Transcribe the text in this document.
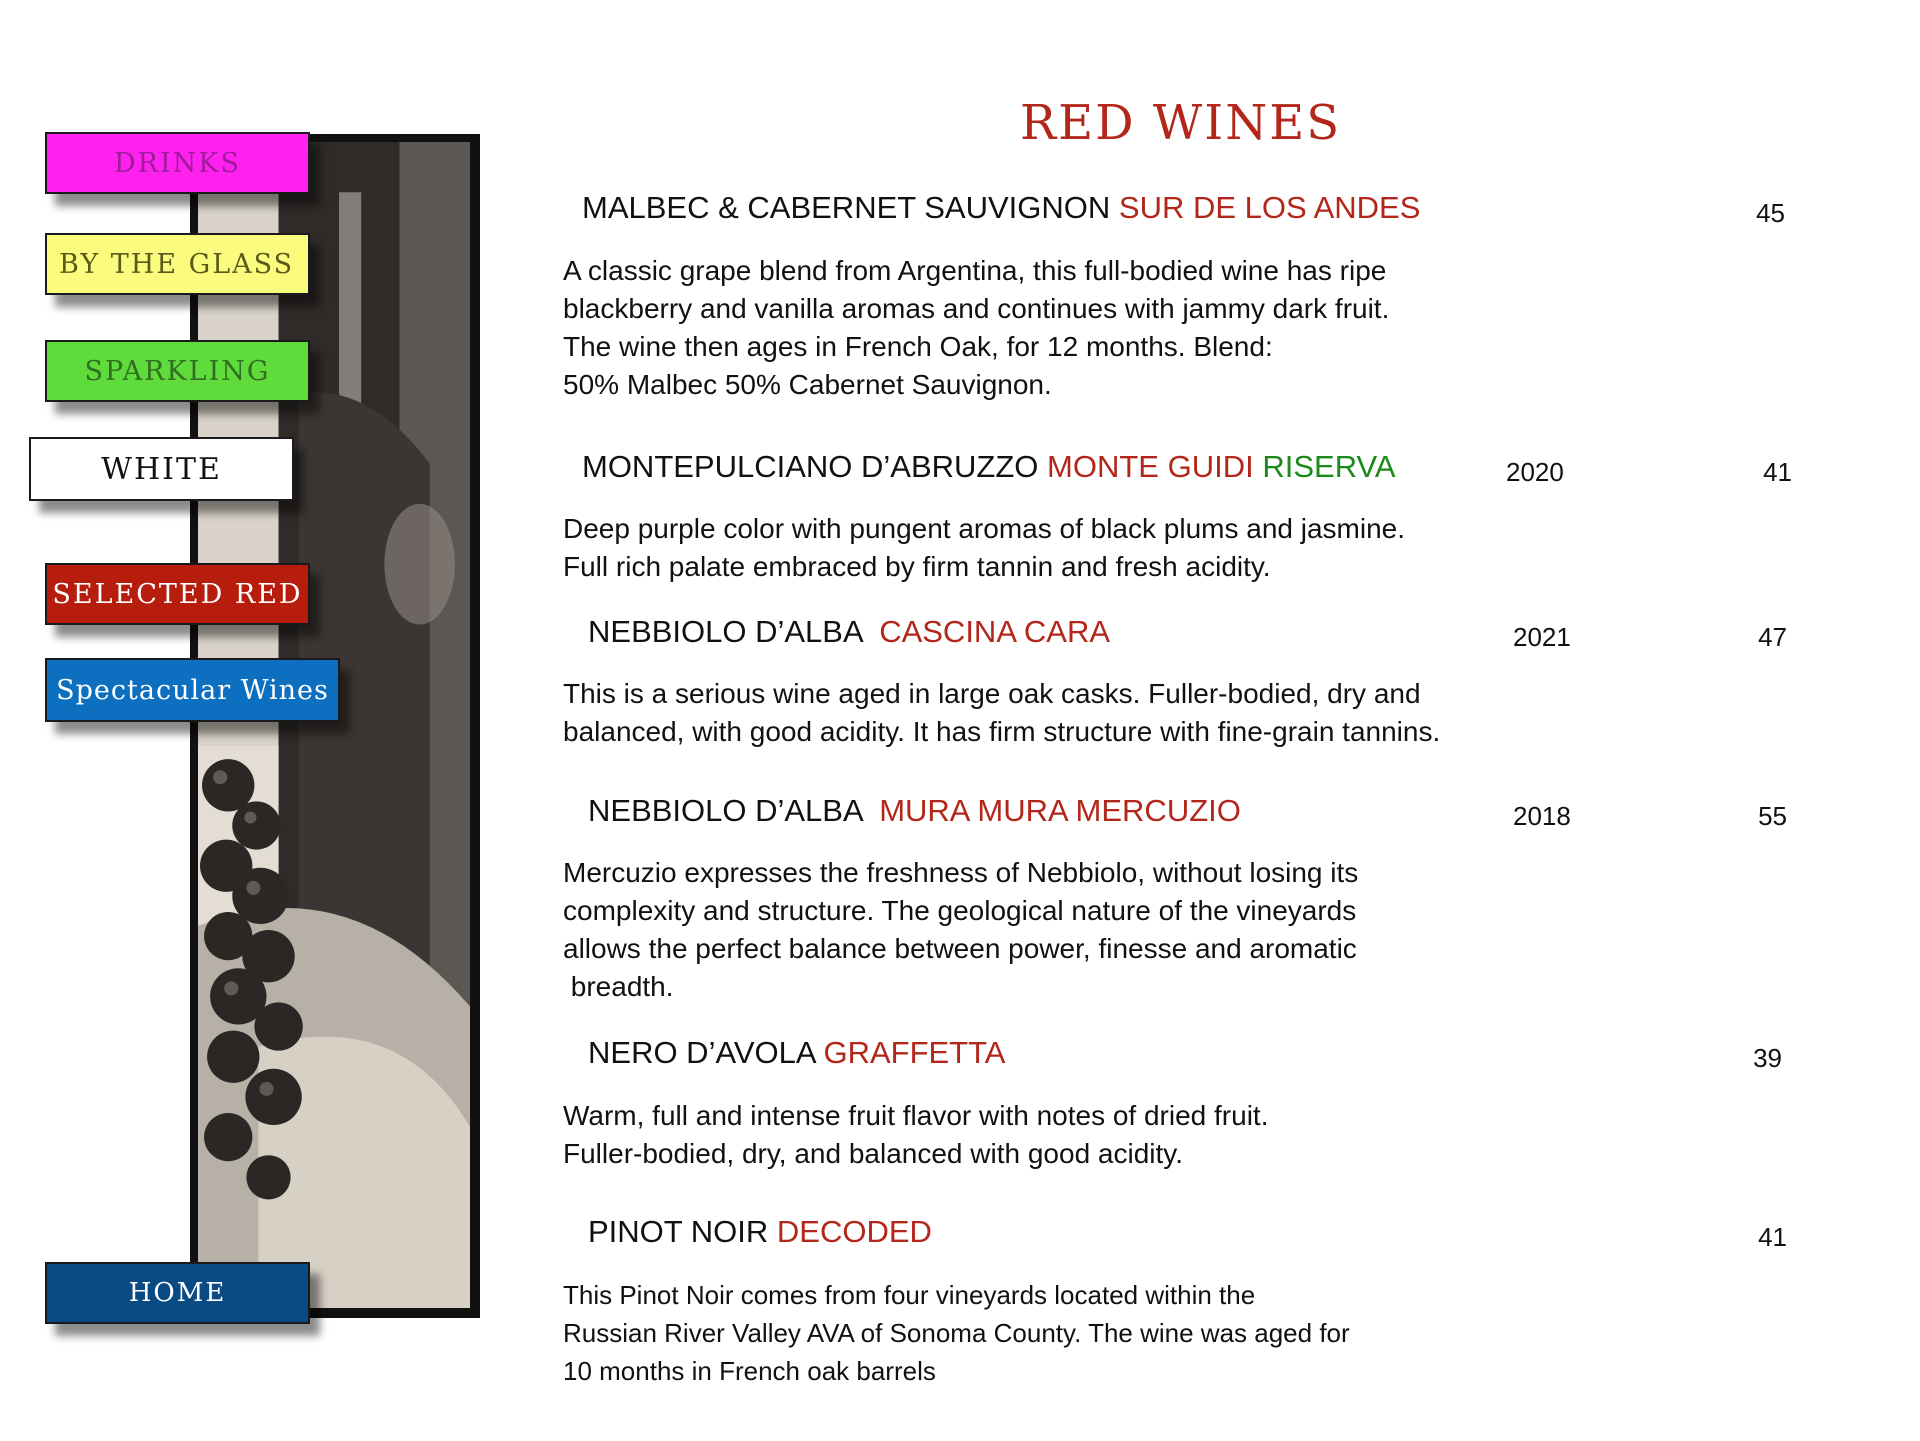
DRINKS
BY THE GLASS
SPARKLING
WHITE
SELECTED RED
Spectacular Wines
HOME
RED WINES
MALBEC & CABERNET SAUVIGNON SUR DE LOS ANDES	45

A classic grape blend from Argentina, this full-bodied wine has ripe
blackberry and vanilla aromas and continues with jammy dark fruit.
The wine then ages in French Oak, for 12 months. Blend:
50% Malbec 50% Cabernet Sauvignon.

MONTEPULCIANO D’ABRUZZO MONTE GUIDI RISERVA	2020	41

Deep purple color with pungent aromas of black plums and jasmine.
Full rich palate embraced by firm tannin and fresh acidity.

NEBBIOLO D’ALBA CASCINA CARA	2021	47

This is a serious wine aged in large oak casks. Fuller-bodied, dry and
balanced, with good acidity. It has firm structure with fine-grain tannins.

NEBBIOLO D’ALBA MURA MURA MERCUZIO	2018	55

Mercuzio expresses the freshness of Nebbiolo, without losing its
complexity and structure. The geological nature of the vineyards
allows the perfect balance between power, finesse and aromatic
breadth.

NERO D’AVOLA GRAFFETTA	39

Warm, full and intense fruit flavor with notes of dried fruit.
Fuller-bodied, dry, and balanced with good acidity.

PINOT NOIR DECODED	41

This Pinot Noir comes from four vineyards located within the
Russian River Valley AVA of Sonoma County. The wine was aged for
10 months in French oak barrels
